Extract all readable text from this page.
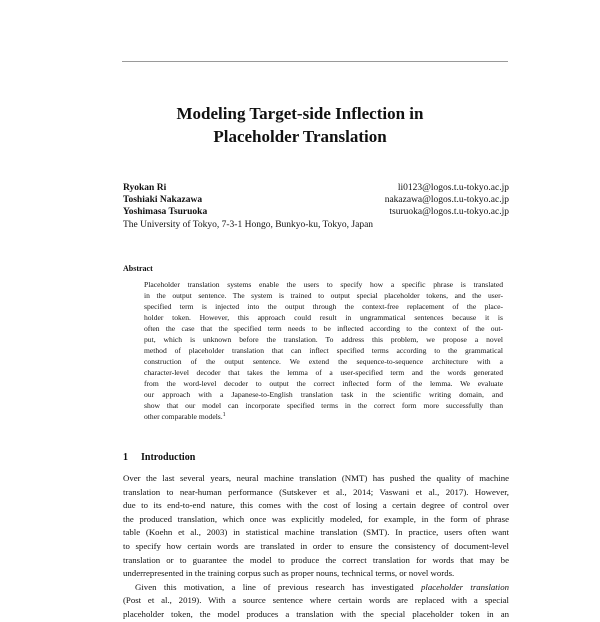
Modeling Target-side Inflection in
Placeholder Translation
Ryokan Ri	li0123@logos.t.u-tokyo.ac.jp
Toshiaki Nakazawa	nakazawa@logos.t.u-tokyo.ac.jp
Yoshimasa Tsuruoka	tsuruoka@logos.t.u-tokyo.ac.jp
The University of Tokyo, 7-3-1 Hongo, Bunkyo-ku, Tokyo, Japan
Abstract
Placeholder translation systems enable the users to specify how a specific phrase is translated
in the output sentence. The system is trained to output special placeholder tokens, and the user-
specified term is injected into the output through the context-free replacement of the place-
holder token. However, this approach could result in ungrammatical sentences because it is
often the case that the specified term needs to be inflected according to the context of the out-
put, which is unknown before the translation. To address this problem, we propose a novel
method of placeholder translation that can inflect specified terms according to the grammatical
construction of the output sentence. We extend the sequence-to-sequence architecture with a
character-level decoder that takes the lemma of a user-specified term and the words generated
from the word-level decoder to output the correct inflected form of the lemma. We evaluate
our approach with a Japanese-to-English translation task in the scientific writing domain, and
show that our model can incorporate specified terms in the correct form more successfully than
other comparable models.$^1$
1 Introduction
Over the last several years, neural machine translation (NMT) has pushed the quality of machine
translation to near-human performance (Sutskever et al., 2014; Vaswani et al., 2017). However,
due to its end-to-end nature, this comes with the cost of losing a certain degree of control over
the produced translation, which once was explicitly modeled, for example, in the form of phrase
table (Koehn et al., 2003) in statistical machine translation (SMT). In practice, users often want
to specify how certain words are translated in order to ensure the consistency of document-level
translation or to guarantee the model to produce the correct translation for words that may be
underrepresented in the training corpus such as proper nouns, technical terms, or novel words.
Given this motivation, a line of previous research has investigated placeholder translation
(Post et al., 2019). With a source sentence where certain words are replaced with a special
placeholder token, the model produces a translation with the special placeholder token in an
